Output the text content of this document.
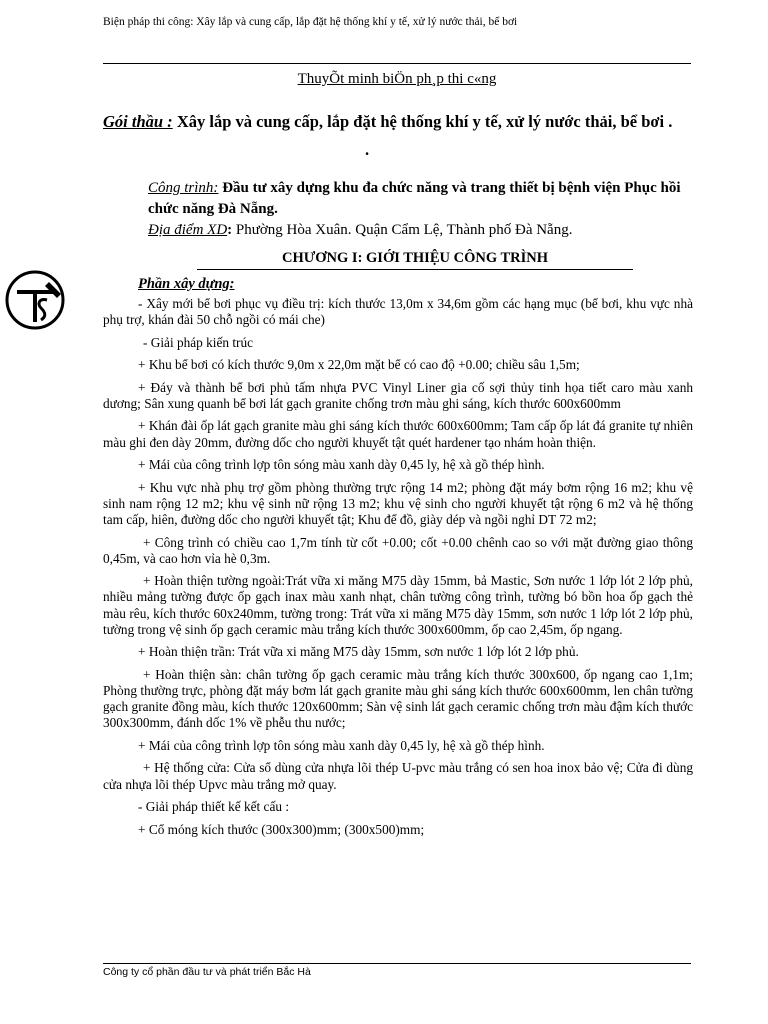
Biện pháp thi công: Xây lắp và cung cấp, lắp đặt hệ thống khí y tế, xử lý nước thải, bể bơi
ThuyÕt minh biÖn ph¸p thi c«ng
Gói thầu : Xây lắp và cung cấp, lắp đặt hệ thống khí y tế, xử lý nước thải, bể bơi ..
Công trình: Đầu tư xây dựng khu đa chức năng và trang thiết bị bệnh viện Phục hồi chức năng Đà Nẵng.
Địa điểm XD: Phường Hòa Xuân. Quận Cẩm Lệ, Thành phố Đà Nẵng.
CHƯƠNG I: GIỚI THIỆU CÔNG TRÌNH
Phần xây dựng:

- Xây mới bể bơi phục vụ điều trị: kích thước 13,0m x 34,6m gồm các hạng mục (bể bơi, khu vực nhà phụ trợ, khán đài 50 chỗ ngồi có mái che)

- Giải pháp kiến trúc

+ Khu bể bơi có kích thước 9,0m x 22,0m mặt bể có cao độ +0.00; chiều sâu 1,5m;

+ Đáy và thành bể bơi phủ tấm nhựa PVC Vinyl Liner gia cố sợi thủy tinh họa tiết caro màu xanh dương; Sân xung quanh bể bơi lát gạch granite chống trơn màu ghi sáng, kích thước 600x600mm

+ Khán đài ốp lát gạch granite màu ghi sáng kích thước 600x600mm; Tam cấp ốp lát đá granite tự nhiên màu ghi đen dày 20mm, đường dốc cho người khuyết tật quét hardener tạo nhám hoàn thiện.

+ Mái của công trình lợp tôn sóng màu xanh dày 0,45 ly, hệ xà gồ thép hình.

+ Khu vực nhà phụ trợ gồm phòng thường trực rộng 14 m2; phòng đặt máy bơm rộng 16 m2; khu vệ sinh nam rộng 12 m2; khu vệ sinh nữ rộng 13 m2; khu vệ sinh cho người khuyết tật rộng 6 m2 và hệ thống tam cấp, hiên, đường dốc cho người khuyết tật; Khu để đồ, giày dép và ngồi nghỉ DT 72 m2;

+ Công trình có chiều cao 1,7m tính từ cốt +0.00; cốt +0.00 chênh cao so với mặt đường giao thông 0,45m, và cao hơn vỉa hè 0,3m.

+ Hoàn thiện tường ngoài:Trát vữa xi măng M75 dày 15mm, bả Mastic, Sơn nước 1 lớp lót 2 lớp phủ, nhiều mảng tường được ốp gạch inax màu xanh nhạt, chân tường công trình, tường bó bồn hoa ốp gạch thẻ màu rêu, kích thước 60x240mm, tường trong: Trát vữa xi măng M75 dày 15mm, sơn nước 1 lớp lót 2 lớp phủ, tường trong vệ sinh ốp gạch ceramic màu trắng kích thước 300x600mm, ốp cao 2,45m, ốp ngang.

+ Hoàn thiện trần: Trát vữa xi măng M75 dày 15mm, sơn nước 1 lớp lót 2 lớp phủ.

+ Hoàn thiện sàn: chân tường ốp gạch ceramic màu trắng kích thước 300x600, ốp ngang cao 1,1m; Phòng thường trực, phòng đặt máy bơm lát gạch granite màu ghi sáng kích thước 600x600mm, len chân tường gạch granite đồng màu, kích thước 120x600mm; Sàn vệ sinh lát gạch ceramic chống trơn màu đậm kích thước 300x300mm, đánh dốc 1% về phễu thu nước;

+ Mái của công trình lợp tôn sóng màu xanh dày 0,45 ly, hệ xà gồ thép hình.

+ Hệ thống cửa: Cửa sổ dùng cửa nhựa lõi thép U-pvc màu trắng có sen hoa inox bảo vệ; Cửa đi dùng cửa nhựa lõi thép Upvc màu trắng mở quay.

- Giải pháp thiết kế kết cấu :

+ Cổ móng kích thước (300x300)mm; (300x500)mm;

Công ty cổ phần đầu tư và phát triển Bắc Hà
